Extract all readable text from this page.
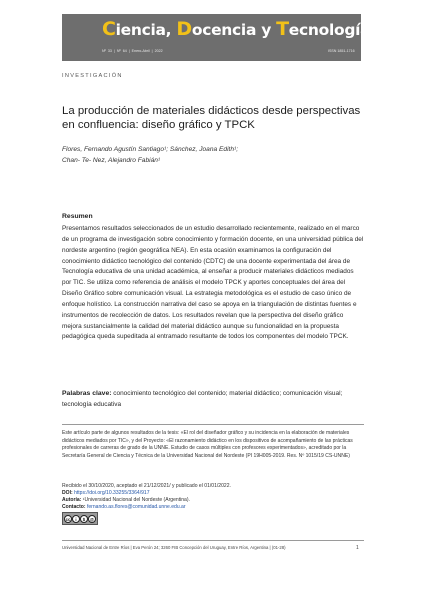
Ciencia, Docencia y Tecnología
Nº 33 | Nº 64 | Enero-Abril | 2022	ISSN 1851-1716
INVESTIGACIÓN
La producción de materiales didácticos desde perspectivas en confluencia: diseño gráfico y TPCK
Flores, Fernando Agustín Santiago¹; Sánchez, Joana Edith¹;
Chan- Te- Nez, Alejandro Fabián¹
Resumen

Presentamos resultados seleccionados de un estudio desarrollado recientemente, realizado en el marco de un programa de investigación sobre conocimiento y formación docente, en una universidad pública del nordeste argentino (región geográfica NEA). En esta ocasión examinamos la configuración del conocimiento didáctico tecnológico del contenido (CDTC) de una docente experimentada del área de Tecnología educativa de una unidad académica, al enseñar a producir materiales didácticos mediados por TIC. Se utiliza como referencia de análisis el modelo TPCK y aportes conceptuales del área del Diseño Gráfico sobre comunicación visual. La estrategia metodológica es el estudio de caso único de enfoque holístico. La construcción narrativa del caso se apoya en la triangulación de distintas fuentes e instrumentos de recolección de datos. Los resultados revelan que la perspectiva del diseño gráfico mejora sustancialmente la calidad del material didáctico aunque su funcionalidad en la propuesta pedagógica queda supeditada al entramado resultante de todos los componentes del modelo TPCK.

Palabras clave: conocimiento tecnológico del contenido; material didáctico; comunicación visual; tecnología educativa

Este artículo parte de algunos resultados de la tesis: «El rol del diseñador gráfico y su incidencia en la elaboración de materiales didácticos mediados por TIC», y del Proyecto: «El razonamiento didáctico en los dispositivos de acompañamiento de las prácticas profesionales de carreras de grado de la UNNE. Estudio de casos múltiples con profesores experimentados», acreditado por la Secretaría General de Ciencia y Técnica de la Universidad Nacional del Nordeste (PI 19H005-2019. Res. Nº 1015/19 CS-UNNE)

Recibido el 30/10/2020, aceptado el 21/12/2021/ y publicado el 01/01/2022.
DOI: https://doi.org/10.33255/3364/917
Autoría: ¹Universidad Nacional del Nordeste (Argentina).
Contacto: fernando.as.flores@comunidad.unne.edu.ar
cc	i	$	@
Universidad Nacional de Entre Ríos | Eva Perón 24; 3260 FIB Concepción del Uruguay, Entre Ríos, Argentina | (01-28)	1
